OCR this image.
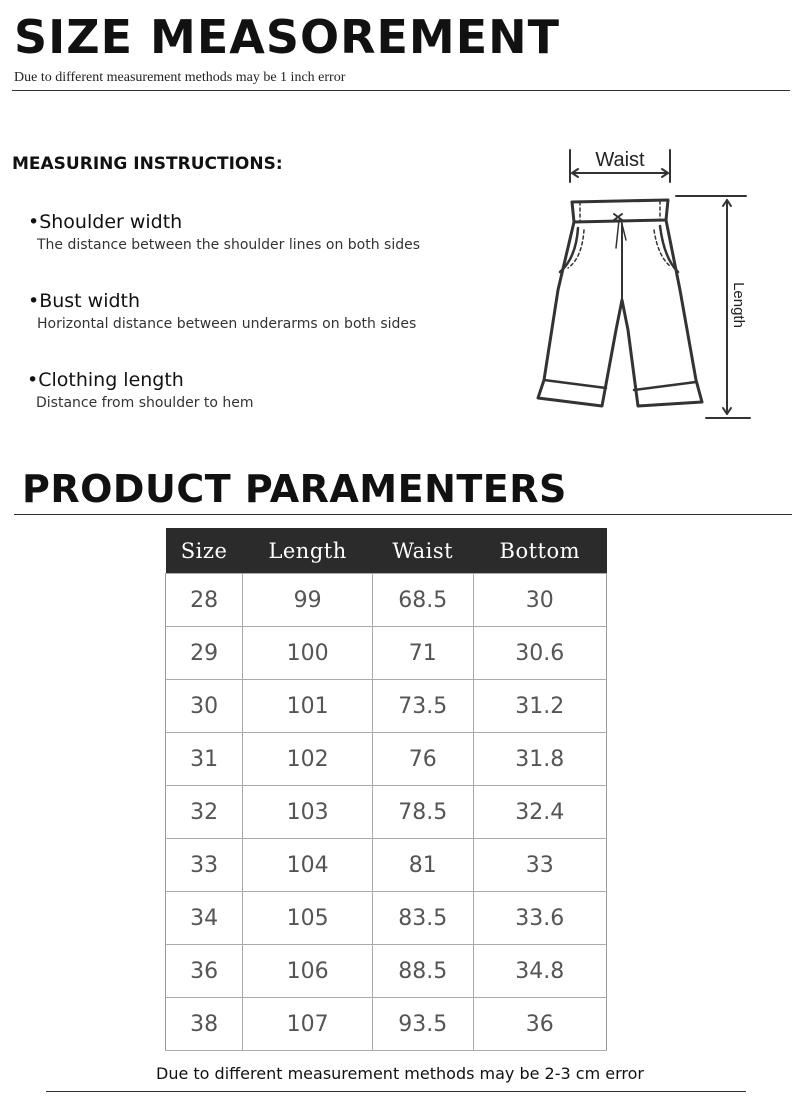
SIZE MEASOREMENT
Due to different measurement methods may be 1 inch error
MEASURING INSTRUCTIONS:
•Shoulder width
The distance between the shoulder lines on both sides
•Bust width
Horizontal distance between underarms on both sides
•Clothing length
Distance from shoulder to hem
Waist
Length
PRODUCT PARAMENTERS
Size	Length	Waist	Bottom
28	99	68.5	30
29	100	71	30.6
30	101	73.5	31.2
31	102	76	31.8
32	103	78.5	32.4
33	104	81	33
34	105	83.5	33.6
36	106	88.5	34.8
38	107	93.5	36
Due to different measurement methods may be 2-3 cm error
